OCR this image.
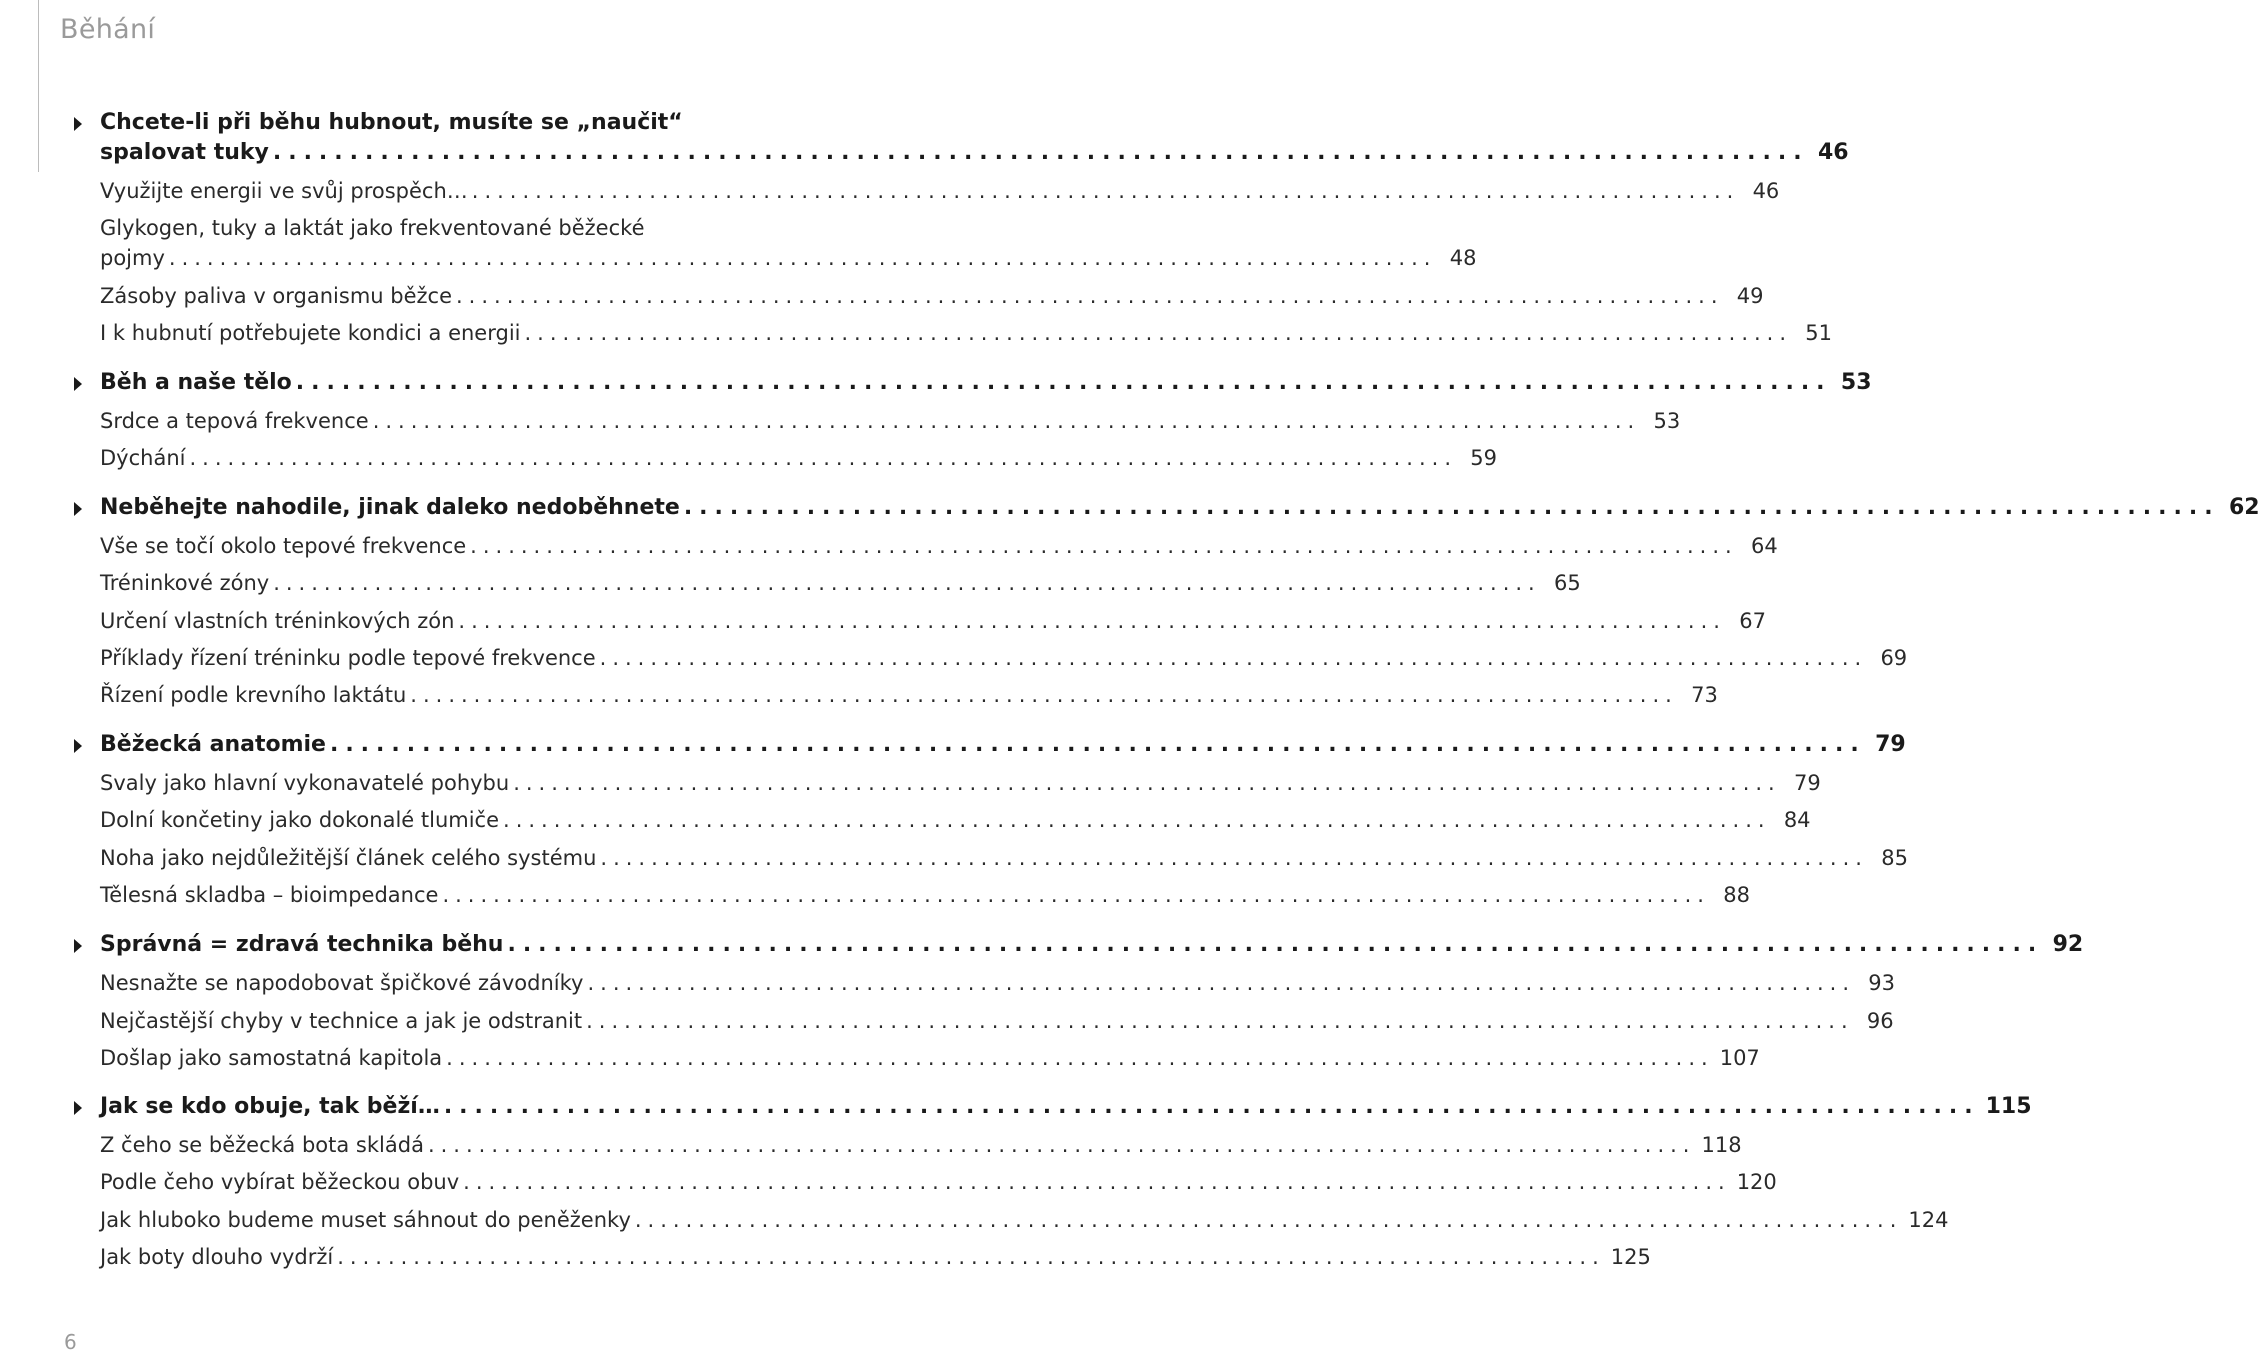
Běhání
Chcete-li při běhu hubnout, musíte se „naučit“
spalovat tuky .................................................................................................... 46
Využijte energii ve svůj prospěch… .................................................................................................... 46
Glykogen, tuky a laktát jako frekventované běžecké
pojmy .................................................................................................... 48
Zásoby paliva v organismu běžce .................................................................................................... 49
I k hubnutí potřebujete kondici a energii .................................................................................................... 51
Běh a naše tělo .................................................................................................... 53
Srdce a tepová frekvence .................................................................................................... 53
Dýchání .................................................................................................... 59
Neběhejte nahodile, jinak daleko nedoběhnete .................................................................................................... 62
Vše se točí okolo tepové frekvence .................................................................................................... 64
Tréninkové zóny .................................................................................................... 65
Určení vlastních tréninkových zón .................................................................................................... 67
Příklady řízení tréninku podle tepové frekvence .................................................................................................... 69
Řízení podle krevního laktátu .................................................................................................... 73
Běžecká anatomie .................................................................................................... 79
Svaly jako hlavní vykonavatelé pohybu .................................................................................................... 79
Dolní končetiny jako dokonalé tlumiče .................................................................................................... 84
Noha jako nejdůležitější článek celého systému .................................................................................................... 85
Tělesná skladba – bioimpedance .................................................................................................... 88
Správná = zdravá technika běhu .................................................................................................... 92
Nesnažte se napodobovat špičkové závodníky .................................................................................................... 93
Nejčastější chyby v technice a jak je odstranit .................................................................................................... 96
Došlap jako samostatná kapitola .................................................................................................... 107
Jak se kdo obuje, tak běží… .................................................................................................... 115
Z čeho se běžecká bota skládá .................................................................................................... 118
Podle čeho vybírat běžeckou obuv .................................................................................................... 120
Jak hluboko budeme muset sáhnout do peněženky .................................................................................................... 124
Jak boty dlouho vydrží .................................................................................................... 125
6
